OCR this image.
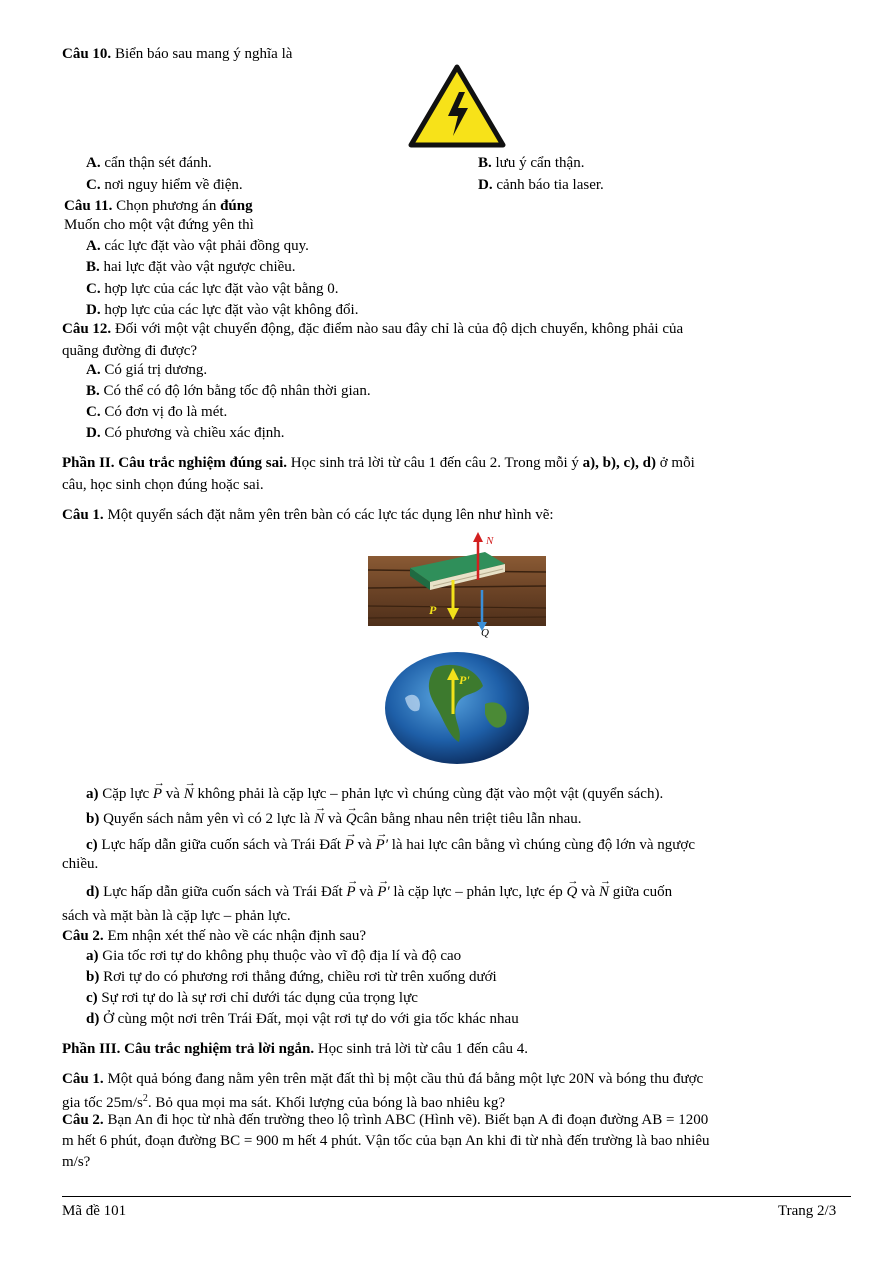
Câu 10. Biển báo sau mang ý nghĩa là
A. cẩn thận sét đánh.	B. lưu ý cẩn thận.
C. nơi nguy hiểm về điện.	D. cảnh báo tia laser.
Câu 11. Chọn phương án đúng
Muốn cho một vật đứng yên thì
A. các lực đặt vào vật phải đồng quy.
B. hai lực đặt vào vật ngược chiều.
C. hợp lực của các lực đặt vào vật bằng 0.
D. hợp lực của các lực đặt vào vật không đổi.
Câu 12. Đối với một vật chuyển động, đặc điểm nào sau đây chỉ là của độ dịch chuyển, không phải của
quãng đường đi được?
A. Có giá trị dương.
B. Có thể có độ lớn bằng tốc độ nhân thời gian.
C. Có đơn vị đo là mét.
D. Có phương và chiều xác định.
Phần II. Câu trắc nghiệm đúng sai. Học sinh trả lời từ câu 1 đến câu 2. Trong mỗi ý a), b), c), d) ở mỗi
câu, học sinh chọn đúng hoặc sai.
Câu 1. Một quyển sách đặt nằm yên trên bàn có các lực tác dụng lên như hình vẽ:
N
P
Q
P'
a) Cặp lực → P và → N không phải là cặp lực – phản lực vì chúng cùng đặt vào một vật (quyển sách).
b) Quyển sách nằm yên vì có 2 lực là → N và → Qcân bằng nhau nên triệt tiêu lẫn nhau.
c) Lực hấp dẫn giữa cuốn sách và Trái Đất → P và → P′ là hai lực cân bằng vì chúng cùng độ lớn và ngược
chiều.
d) Lực hấp dẫn giữa cuốn sách và Trái Đất → P và → P′ là cặp lực – phản lực, lực ép → Q và → N giữa cuốn
sách và mặt bàn là cặp lực – phản lực.
Câu 2. Em nhận xét thế nào về các nhận định sau?
a) Gia tốc rơi tự do không phụ thuộc vào vĩ độ địa lí và độ cao
b) Rơi tự do có phương rơi thẳng đứng, chiều rơi từ trên xuống dưới
c) Sự rơi tự do là sự rơi chỉ dưới tác dụng của trọng lực
d) Ở cùng một nơi trên Trái Đất, mọi vật rơi tự do với gia tốc khác nhau
Phần III. Câu trắc nghiệm trả lời ngắn. Học sinh trả lời từ câu 1 đến câu 4.
Câu 1. Một quả bóng đang nằm yên trên mặt đất thì bị một cầu thủ đá bằng một lực 20N và bóng thu được
gia tốc $25m/s^2$. Bỏ qua mọi ma sát. Khối lượng của bóng là bao nhiêu kg?
Câu 2. Bạn An đi học từ nhà đến trường theo lộ trình ABC (Hình vẽ). Biết bạn A đi đoạn đường AB = 1200
m hết 6 phút, đoạn đường BC = 900 m hết 4 phút. Vận tốc của bạn An khi đi từ nhà đến trường là bao nhiêu
m/s?
Mã đề 101	Trang 2/3
